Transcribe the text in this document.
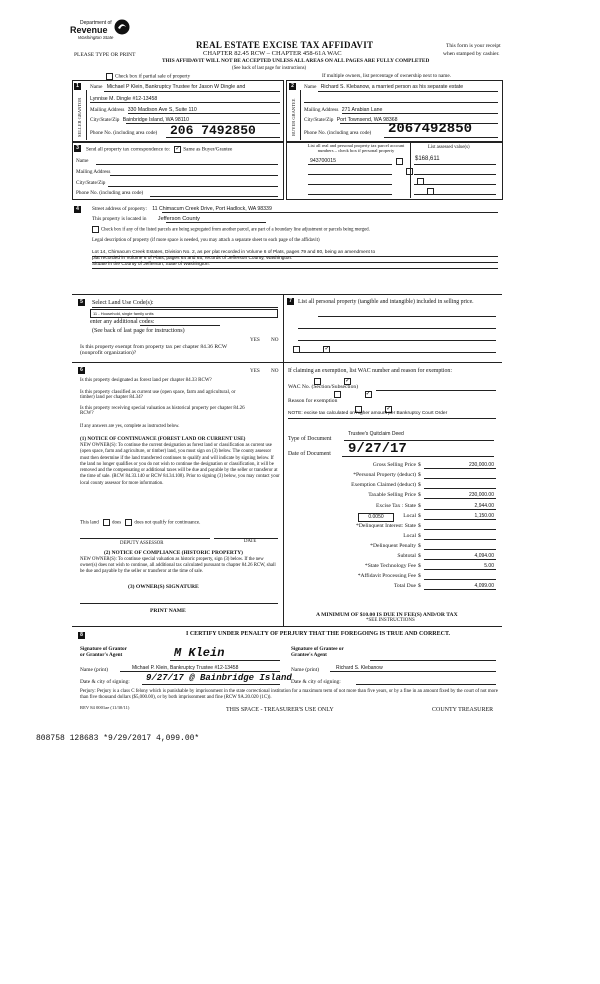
Department of
Revenue
Washington State
PLEASE TYPE OR PRINT
REAL ESTATE EXCISE TAX AFFIDAVIT
CHAPTER 82.45 RCW – CHAPTER 458-61A WAC
THIS AFFIDAVIT WILL NOT BE ACCEPTED UNLESS ALL AREAS ON ALL PAGES ARE FULLY COMPLETED
(See back of last page for instructions)
This form is your receipt
when stamped by cashier.
Check box if partial sale of property	If multiple owners, list percentage of ownership next to name.
1	2
SELLER GRANTOR	BUYER GRANTEE
Name Michael P Klein, Bankruptcy Trustee for Jason W Dingle and
Lynnise M. Dingle #12-13458
Mailing Address 330 Madison Ave S, Suite 110
City/State/Zip Bainbridge Island, WA 98110
Phone No. (including area code) 206 7492850
Name Richard S. Klebanow, a married person as his separate estate
Mailing Address 271 Arabian Lane
City/State/Zip Port Townsend, WA 98368
Phone No. (including area code) 2067492850
3	Send all property tax correspondence to: ✓	Same as Buyer/Grantee
Name
Mailing Address
City/State/Zip
Phone No. (including area code)
List all real and personal property tax parcel account numbers – check box if personal property
List assessed value(s)
943700015	$168,611

4	Street address of property: 11 Chimacum Creek Drive, Port Hadlock, WA 98339
This property is located in Jefferson County
Check box if any of the listed parcels are being segregated from another parcel, are part of a boundary line adjustment or parcels being merged.
Legal description of property (if more space is needed, you may attach a separate sheet to each page of the affidavit)
Lot 14, Chimacum Creek Estates, Division No. 2, as per plat recorded in Volume 6 of Plats, pages 79 and 80, being an amendment to
plat recorded in Volume 6 of Plats, pages 64 and 65, records of Jefferson County, Washington.
Situate in the County of Jefferson, State of Washington.
5	Select Land Use Code(s):
11 - Household, single family units
enter any additional codes:
(See back of last page for instructions)
YES NO
Is this property exempt from property tax per chapter 84.36 RCW (nonprofit organization)?
✓
7	List all personal property (tangible and intangible) included in selling price.
6	YES NO
Is this property designated as forest land per chapter 84.33 RCW?
✓
Is this property classified as current use (open space, farm and agricultural, or timber) land per chapter 84.34?
✓
Is this property receiving special valuation as historical property per chapter 84.26 RCW?
✓
If any answers are yes, complete as instructed below.
(1) NOTICE OF CONTINUANCE (FOREST LAND OR CURRENT USE)
NEW OWNER(S): To continue the current designation as forest land or classification as current use (open space, farm and agriculture, or timber) land, you must sign on (3) below. The county assessor must then determine if the land transferred continues to qualify and will indicate by signing below. If the land no longer qualifies or you do not wish to continue the designation or classification, it will be removed and the compensating or additional taxes will be due and payable by the seller or transferor at the time of sale. (RCW 84.33.140 or RCW 84.34.108). Prior to signing (3) below, you may contact your local county assessor for more information.
This land	does	does not qualify for continuance.
DEPUTY ASSESSOR	DATE
(2) NOTICE OF COMPLIANCE (HISTORIC PROPERTY)
NEW OWNER(S): To continue special valuation as historic property, sign (3) below. If the new owner(s) does not wish to continue, all additional tax calculated pursuant to chapter 84.26 RCW, shall be due and payable by the seller or transferor at the time of sale.
(3) OWNER(S) SIGNATURE
PRINT NAME
If claiming an exemption, list WAC number and reason for exemption:
WAC No. (Section/Subsection)
Reason for exemption
NOTE: excise tax calculated on higher amount per Bankruptcy Court Order
Type of Document
Trustee's Quitclaim Deed
Date of Document 9/27/17
Gross Selling Price $	230,000.00
*Personal Property (deduct) $
Exemption Claimed (deduct) $
Taxable Selling Price $	230,000.00
Excise Tax : State $	2,944.00
Local $	1,150.00
*Delinquent Interest: State $
Local $
*Delinquent Penalty $
Subtotal $	4,094.00
*State Technology Fee $	5.00
*Affidavit Processing Fee $
Total Due $	4,099.00
0.0050
A MINIMUM OF $10.00 IS DUE IN FEE(S) AND/OR TAX
*SEE INSTRUCTIONS
8	I CERTIFY UNDER PENALTY OF PERJURY THAT THE FOREGOING IS TRUE AND CORRECT.
Signature of Grantor or Grantor's Agent	M Klein	Signature of Grantee or Grantee's Agent
Name (print)	Michael P. Klein, Bankruptcy Trustee #12-13458	Name (print)	Richard S. Klebanow
Date & city of signing: 9/27/17 @ Bainbridge Island Date & city of signing:
Perjury: Perjury is a class C felony which is punishable by imprisonment in the state correctional institution for a maximum term of not more than five years, or by a fine in an amount fixed by the court of not more than five thousand dollars ($5,000.00), or by both imprisonment and fine (RCW 9A.20.020 (1C)).
REV 84 0001ae (11/30/11)	THIS SPACE - TREASURER'S USE ONLY	COUNTY TREASURER
808758 128683 *9/29/2017 4,099.00*
